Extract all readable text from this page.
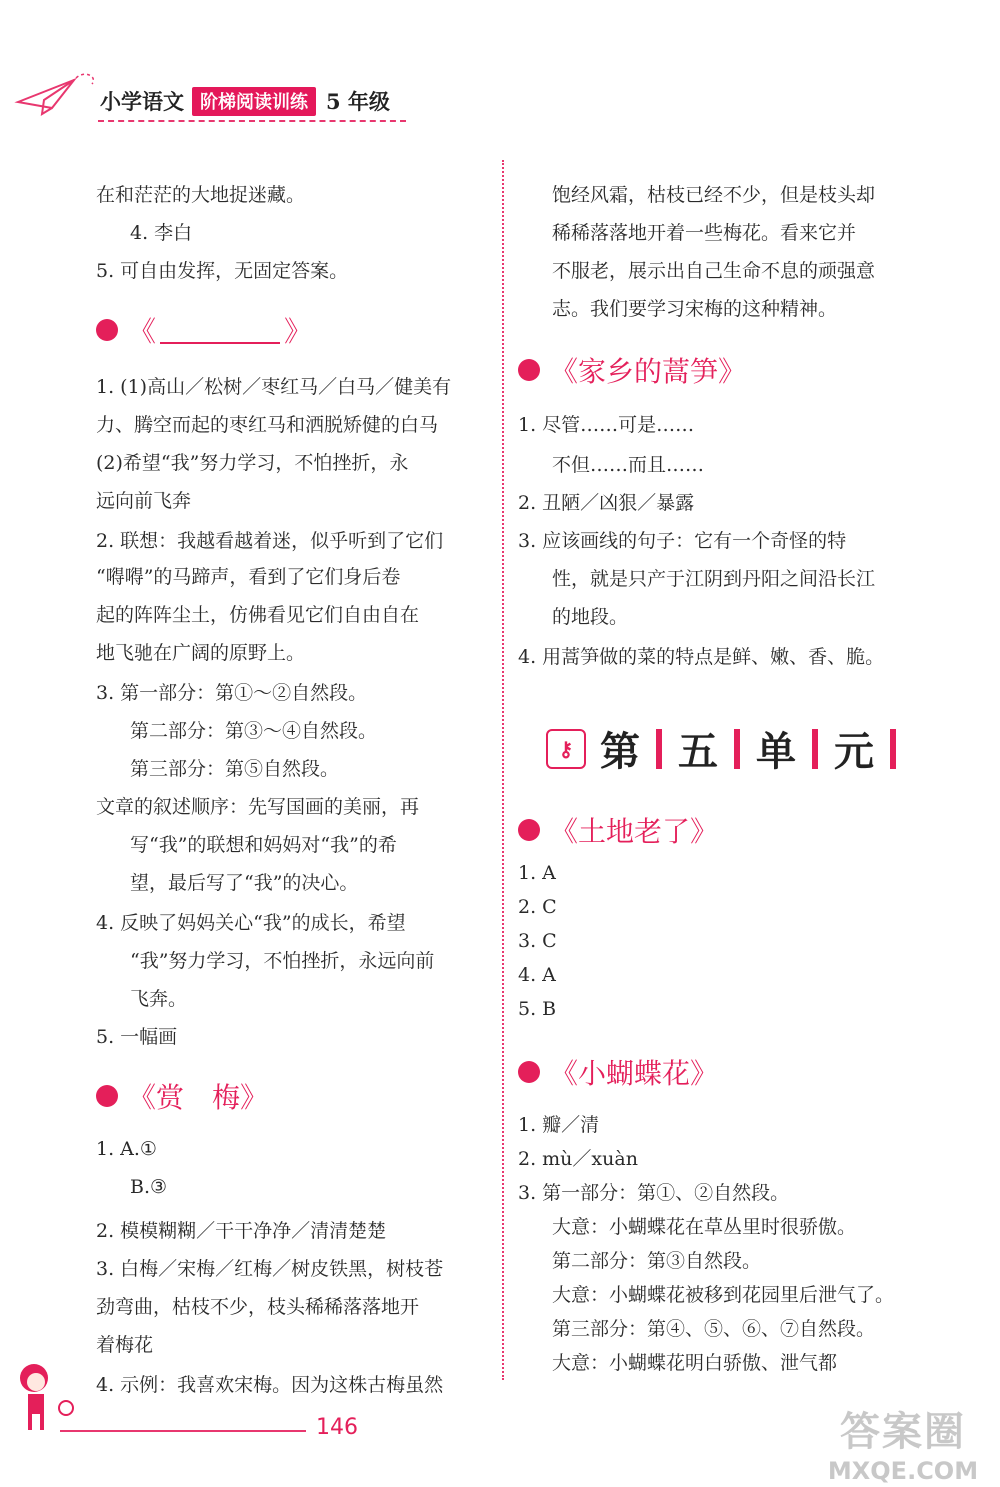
小学语文 阶梯阅读训练 5 年级
在和茫茫的大地捉迷藏。
4. 李白
5. 可自由发挥，无固定答案。
《	》
1. (1)高山／松树／枣红马／白马／健美有
力、腾空而起的枣红马和洒脱矫健的白马
(2)希望“我”努力学习，不怕挫折，永
远向前飞奔
2. 联想：我越看越着迷，似乎听到了它们
“嘚嘚”的马蹄声，看到了它们身后卷
起的阵阵尘土，仿佛看见它们自由自在
地飞驰在广阔的原野上。
3. 第一部分：第①～②自然段。
第二部分：第③～④自然段。
第三部分：第⑤自然段。
文章的叙述顺序：先写国画的美丽，再
写“我”的联想和妈妈对“我”的希
望，最后写了“我”的决心。
4. 反映了妈妈关心“我”的成长，希望
“我”努力学习，不怕挫折，永远向前
飞奔。
5. 一幅画
《赏　梅》
1. A.①
B.③
2. 模模糊糊／干干净净／清清楚楚
3. 白梅／宋梅／红梅／树皮铁黑，树枝苍
劲弯曲，枯枝不少，枝头稀稀落落地开
着梅花
4. 示例：我喜欢宋梅。因为这株古梅虽然
饱经风霜，枯枝已经不少，但是枝头却
稀稀落落地开着一些梅花。看来它并
不服老，展示出自己生命不息的顽强意
志。我们要学习宋梅的这种精神。
《家乡的蒿笋》
1. 尽管……可是……
不但……而且……
2. 丑陋／凶狠／暴露
3. 应该画线的句子：它有一个奇怪的特
性，就是只产于江阴到丹阳之间沿长江
的地段。
4. 用蒿笋做的菜的特点是鲜、嫩、香、脆。
《土地老了》
1. A
2. C
3. C
4. A
5. B
《小蝴蝶花》
1. 瓣／清
2. mù／xuàn
3. 第一部分：第①、②自然段。
大意：小蝴蝶花在草丛里时很骄傲。
第二部分：第③自然段。
大意：小蝴蝶花被移到花园里后泄气了。
第三部分：第④、⑤、⑥、⑦自然段。
大意：小蝴蝶花明白骄傲、泄气都
⚷ 第 五 单 元
146	答案圈
MXQE.COM
